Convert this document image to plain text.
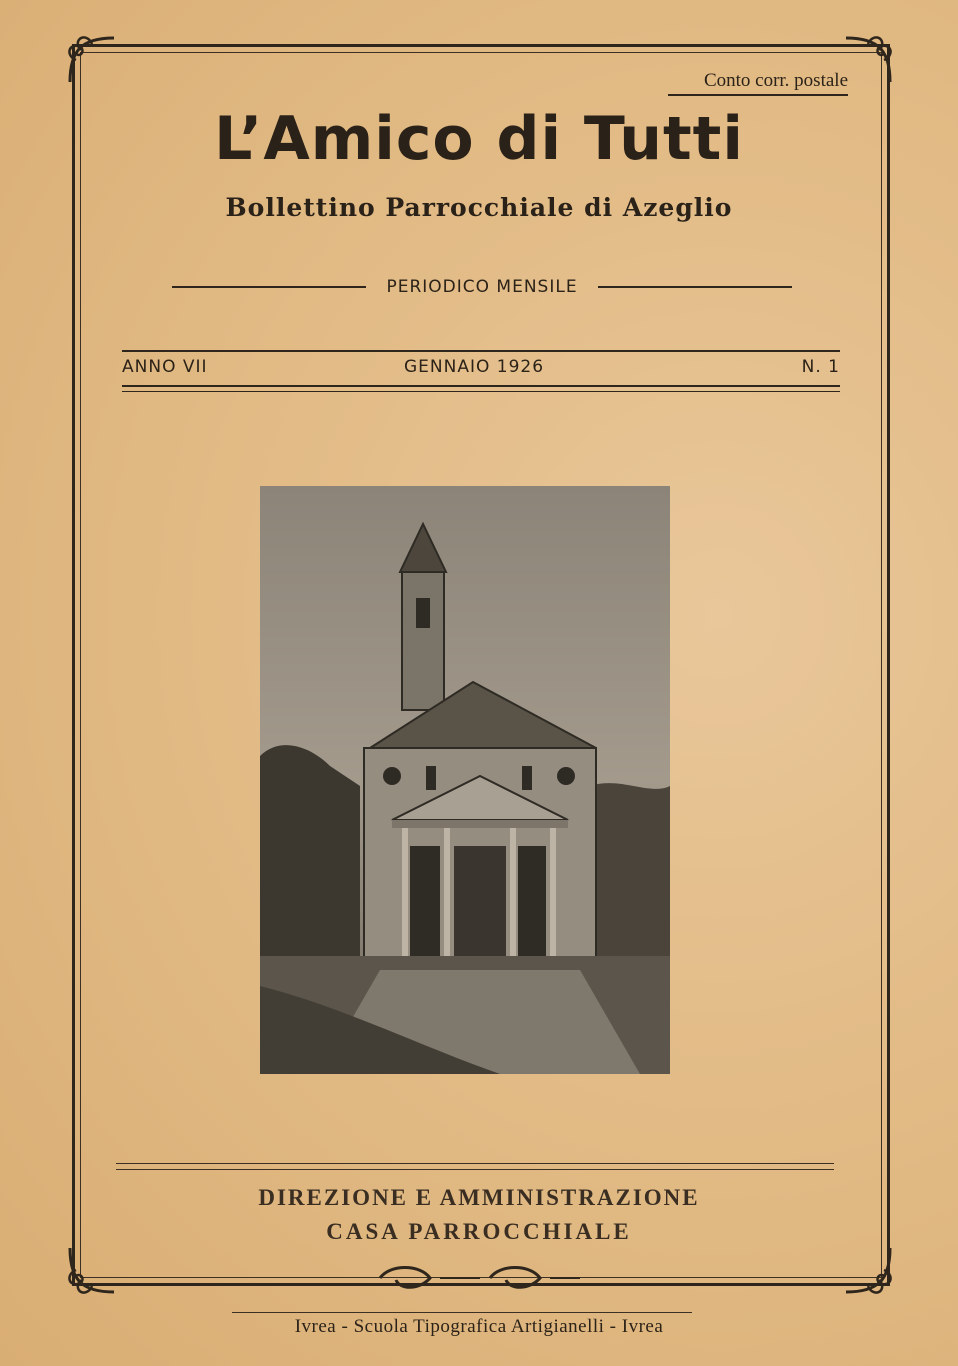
Conto corr. postale
L’Amico di Tutti
Bollettino Parrocchiale di Azeglio
PERIODICO MENSILE
ANNO VII	GENNAIO 1926	N. 1
DIREZIONE E AMMINISTRAZIONE
CASA PARROCCHIALE
Ivrea - Scuola Tipografica Artigianelli - Ivrea
